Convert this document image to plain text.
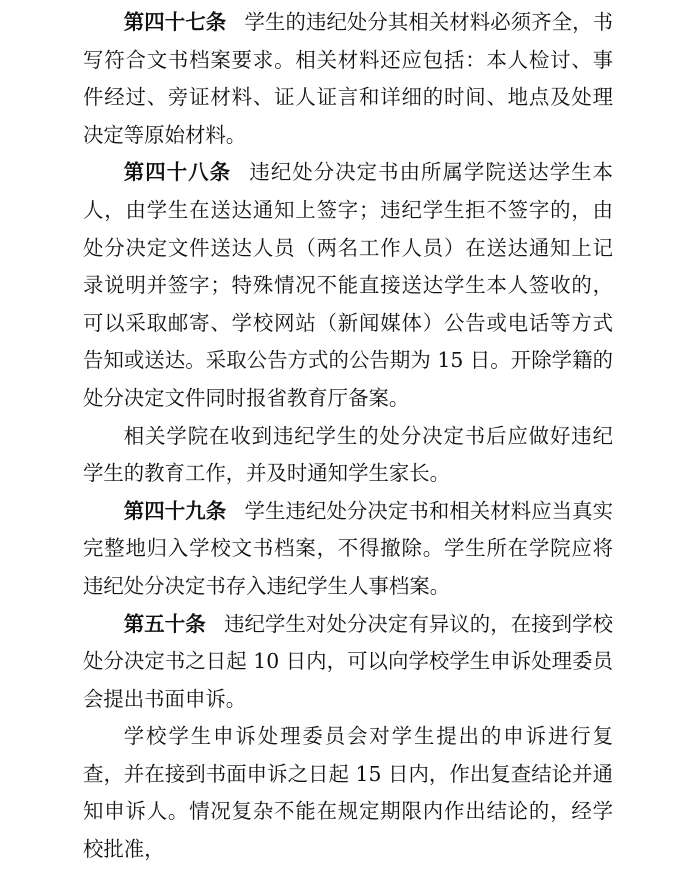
第四十七条 学生的违纪处分其相关材料必须齐全，书写符合文书档案要求。相关材料还应包括：本人检讨、事件经过、旁证材料、证人证言和详细的时间、地点及处理决定等原始材料。

第四十八条 违纪处分决定书由所属学院送达学生本人，由学生在送达通知上签字；违纪学生拒不签字的，由处分决定文件送达人员（两名工作人员）在送达通知上记录说明并签字；特殊情况不能直接送达学生本人签收的，可以采取邮寄、学校网站（新闻媒体）公告或电话等方式告知或送达。采取公告方式的公告期为 15 日。开除学籍的处分决定文件同时报省教育厅备案。

相关学院在收到违纪学生的处分决定书后应做好违纪学生的教育工作，并及时通知学生家长。

第四十九条 学生违纪处分决定书和相关材料应当真实完整地归入学校文书档案，不得撤除。学生所在学院应将违纪处分决定书存入违纪学生人事档案。

第五十条 违纪学生对处分决定有异议的，在接到学校处分决定书之日起 10 日内，可以向学校学生申诉处理委员会提出书面申诉。

学校学生申诉处理委员会对学生提出的申诉进行复查，并在接到书面申诉之日起 15 日内，作出复查结论并通知申诉人。情况复杂不能在规定期限内作出结论的，经学校批准，
